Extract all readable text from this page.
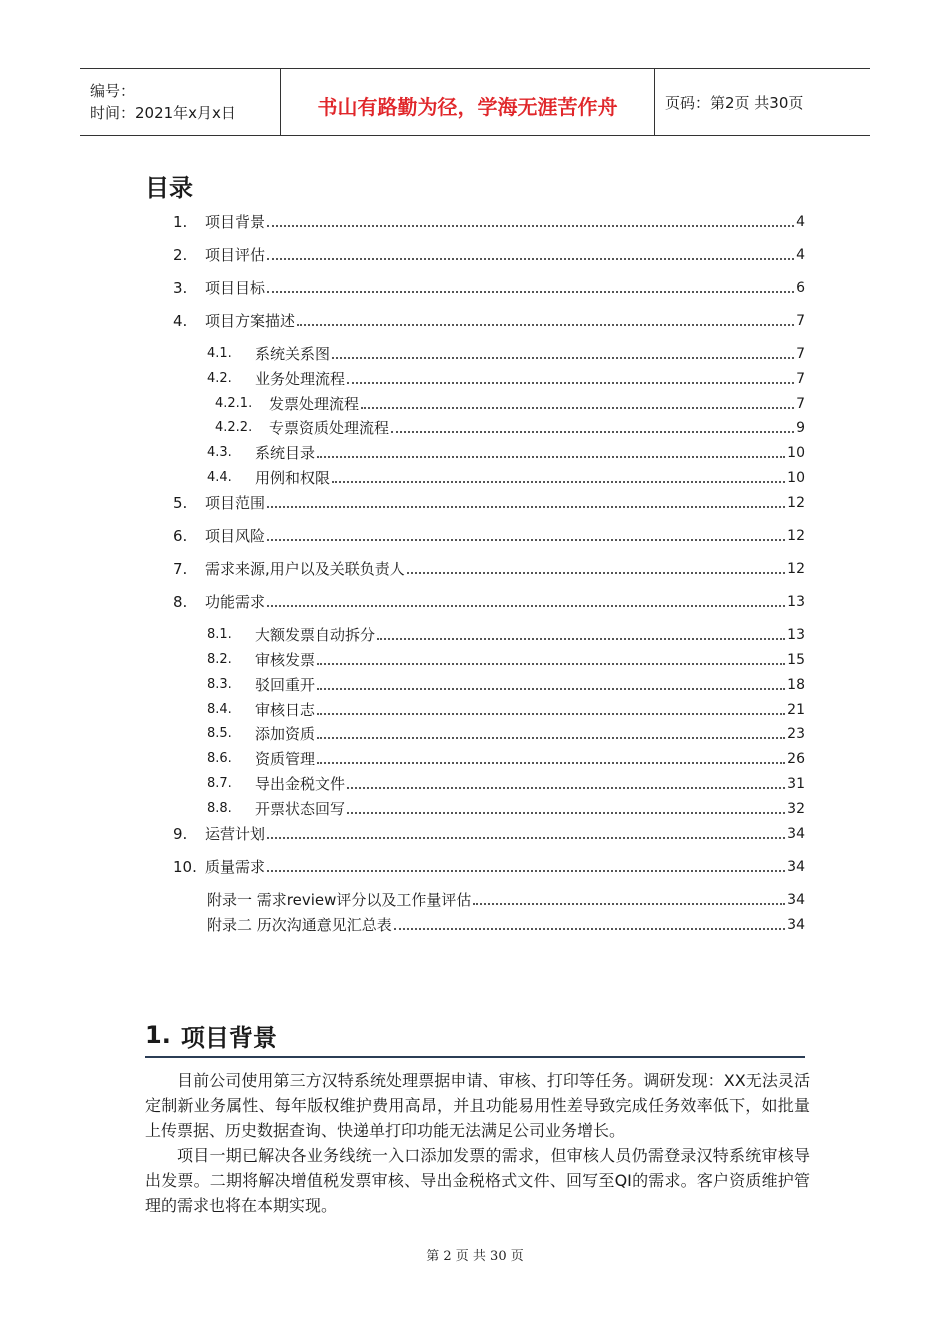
编号：
时间：2021年x月x日	书山有路勤为径，学海无涯苦作舟	页码：第2页 共30页
目录
1.	项目背景	4
2.	项目评估	4
3.	项目目标	6
4.	项目方案描述	7
4.1.	系统关系图	7
4.2.	业务处理流程	7
4.2.1.	发票处理流程	7
4.2.2.	专票资质处理流程	9
4.3.	系统目录	10
4.4.	用例和权限	10
5.	项目范围	12
6.	项目风险	12
7.	需求来源,用户以及关联负责人	12
8.	功能需求	13
8.1.	大额发票自动拆分	13
8.2.	审核发票	15
8.3.	驳回重开	18
8.4.	审核日志	21
8.5.	添加资质	23
8.6.	资质管理	26
8.7.	导出金税文件	31
8.8.	开票状态回写	32
9.	运营计划	34
10. 质量需求	34
附录一 需求review评分以及工作量评估	34
附录二 历次沟通意见汇总表	34
1. 项目背景

目前公司使用第三方汉特系统处理票据申请、审核、打印等任务。调研发现：XX无法灵活定制新业务属性、每年版权维护费用高昂，并且功能易用性差导致完成任务效率低下，如批量上传票据、历史数据查询、快递单打印功能无法满足公司业务增长。

项目一期已解决各业务线统一入口添加发票的需求，但审核人员仍需登录汉特系统审核导出发票。二期将解决增值税发票审核、导出金税格式文件、回写至QI的需求。客户资质维护管理的需求也将在本期实现。

第 2 页 共 30 页
